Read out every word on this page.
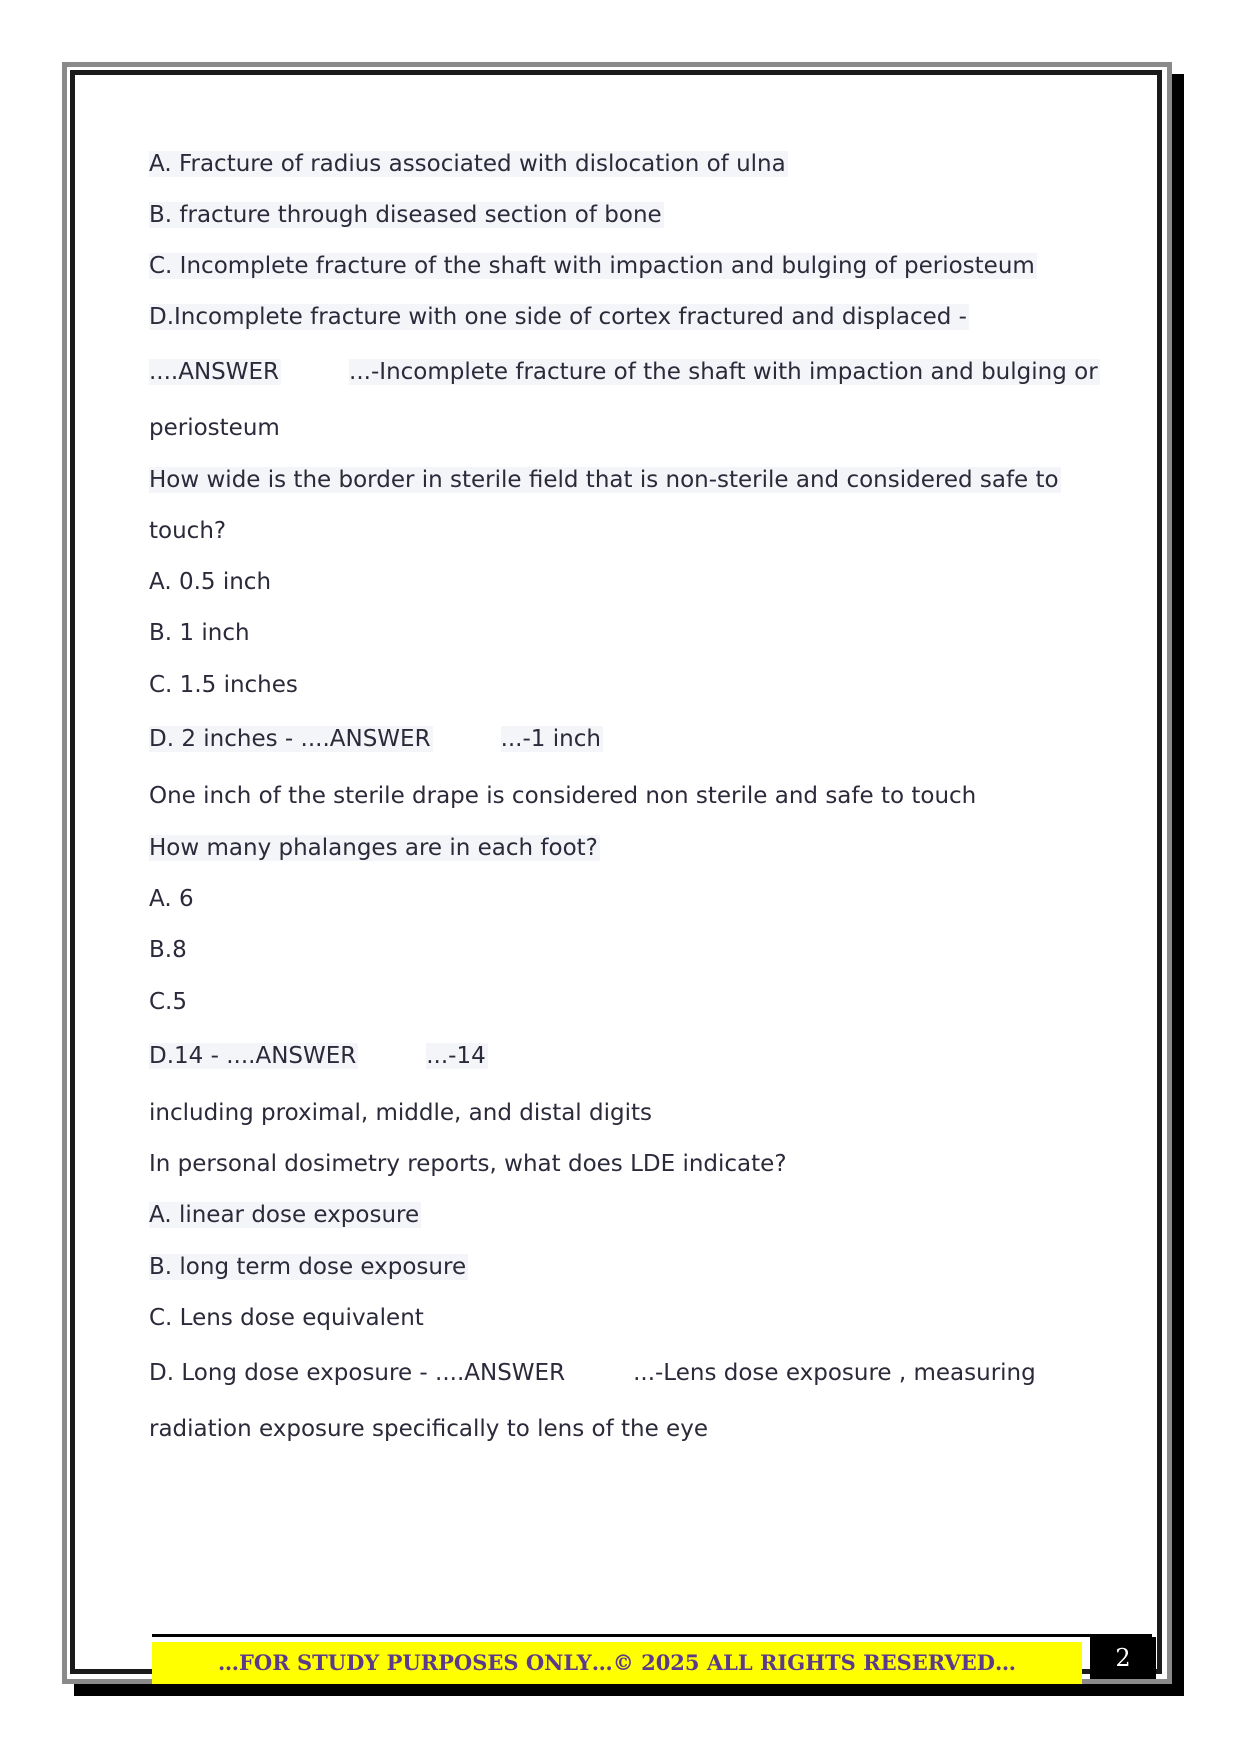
A. Fracture of radius associated with dislocation of ulna
B. fracture through diseased section of bone
C. Incomplete fracture of the shaft with impaction and bulging of periosteum
D.Incomplete fracture with one side of cortex fractured and displaced -
....ANSWER	...-Incomplete fracture of the shaft with impaction and bulging or
periosteum
How wide is the border in sterile field that is non-sterile and considered safe to
touch?
A. 0.5 inch
B. 1 inch
C. 1.5 inches
D. 2 inches - ....ANSWER	...-1 inch
One inch of the sterile drape is considered non sterile and safe to touch
How many phalanges are in each foot?
A. 6
B.8
C.5
D.14 - ....ANSWER	...-14
including proximal, middle, and distal digits
In personal dosimetry reports, what does LDE indicate?
A. linear dose exposure
B. long term dose exposure
C. Lens dose equivalent
D. Long dose exposure - ....ANSWER	...-Lens dose exposure , measuring
radiation exposure specifically to lens of the eye
…FOR STUDY PURPOSES ONLY…© 2025 ALL RIGHTS RESERVED…	2
